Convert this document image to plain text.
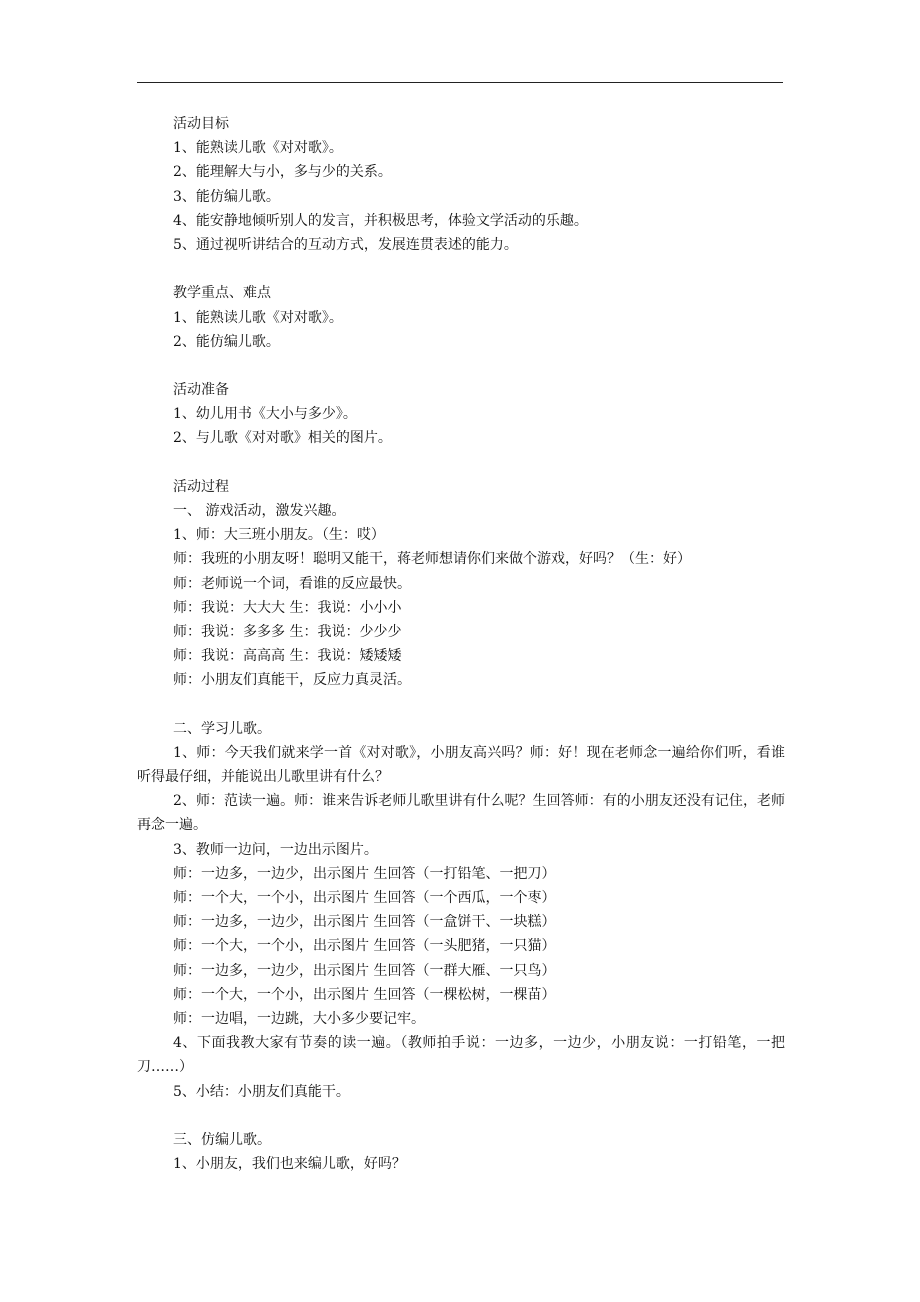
活动目标
1、能熟读儿歌《对对歌》。
2、能理解大与小，多与少的关系。
3、能仿编儿歌。
4、能安静地倾听别人的发言，并积极思考，体验文学活动的乐趣。
5、通过视听讲结合的互动方式，发展连贯表述的能力。
教学重点、难点
1、能熟读儿歌《对对歌》。
2、能仿编儿歌。
活动准备
1、幼儿用书《大小与多少》。
2、与儿歌《对对歌》相关的图片。
活动过程
一、 游戏活动，激发兴趣。
1、师：大三班小朋友。（生：哎）
师：我班的小朋友呀！聪明又能干，蒋老师想请你们来做个游戏，好吗？（生：好）
师：老师说一个词，看谁的反应最快。
师：我说：大大大 生：我说：小小小
师：我说：多多多 生：我说：少少少
师：我说：高高高 生：我说：矮矮矮
师：小朋友们真能干，反应力真灵活。
二、学习儿歌。
1、师：今天我们就来学一首《对对歌》，小朋友高兴吗？师：好！现在老师念一遍给你们听，看谁听得最仔细，并能说出儿歌里讲有什么？
2、师：范读一遍。师：谁来告诉老师儿歌里讲有什么呢？生回答师：有的小朋友还没有记住，老师再念一遍。
3、教师一边问，一边出示图片。
师：一边多，一边少，出示图片 生回答（一打铅笔、一把刀）
师：一个大，一个小，出示图片 生回答（一个西瓜，一个枣）
师：一边多，一边少，出示图片 生回答（一盒饼干、一块糕）
师：一个大，一个小，出示图片 生回答（一头肥猪，一只猫）
师：一边多，一边少，出示图片 生回答（一群大雁、一只鸟）
师：一个大，一个小，出示图片 生回答（一棵松树，一棵苗）
师：一边唱，一边跳，大小多少要记牢。
4、下面我教大家有节奏的读一遍。（教师拍手说：一边多，一边少，小朋友说：一打铅笔，一把刀……）
5、小结：小朋友们真能干。
三、仿编儿歌。
1、小朋友，我们也来编儿歌，好吗？
